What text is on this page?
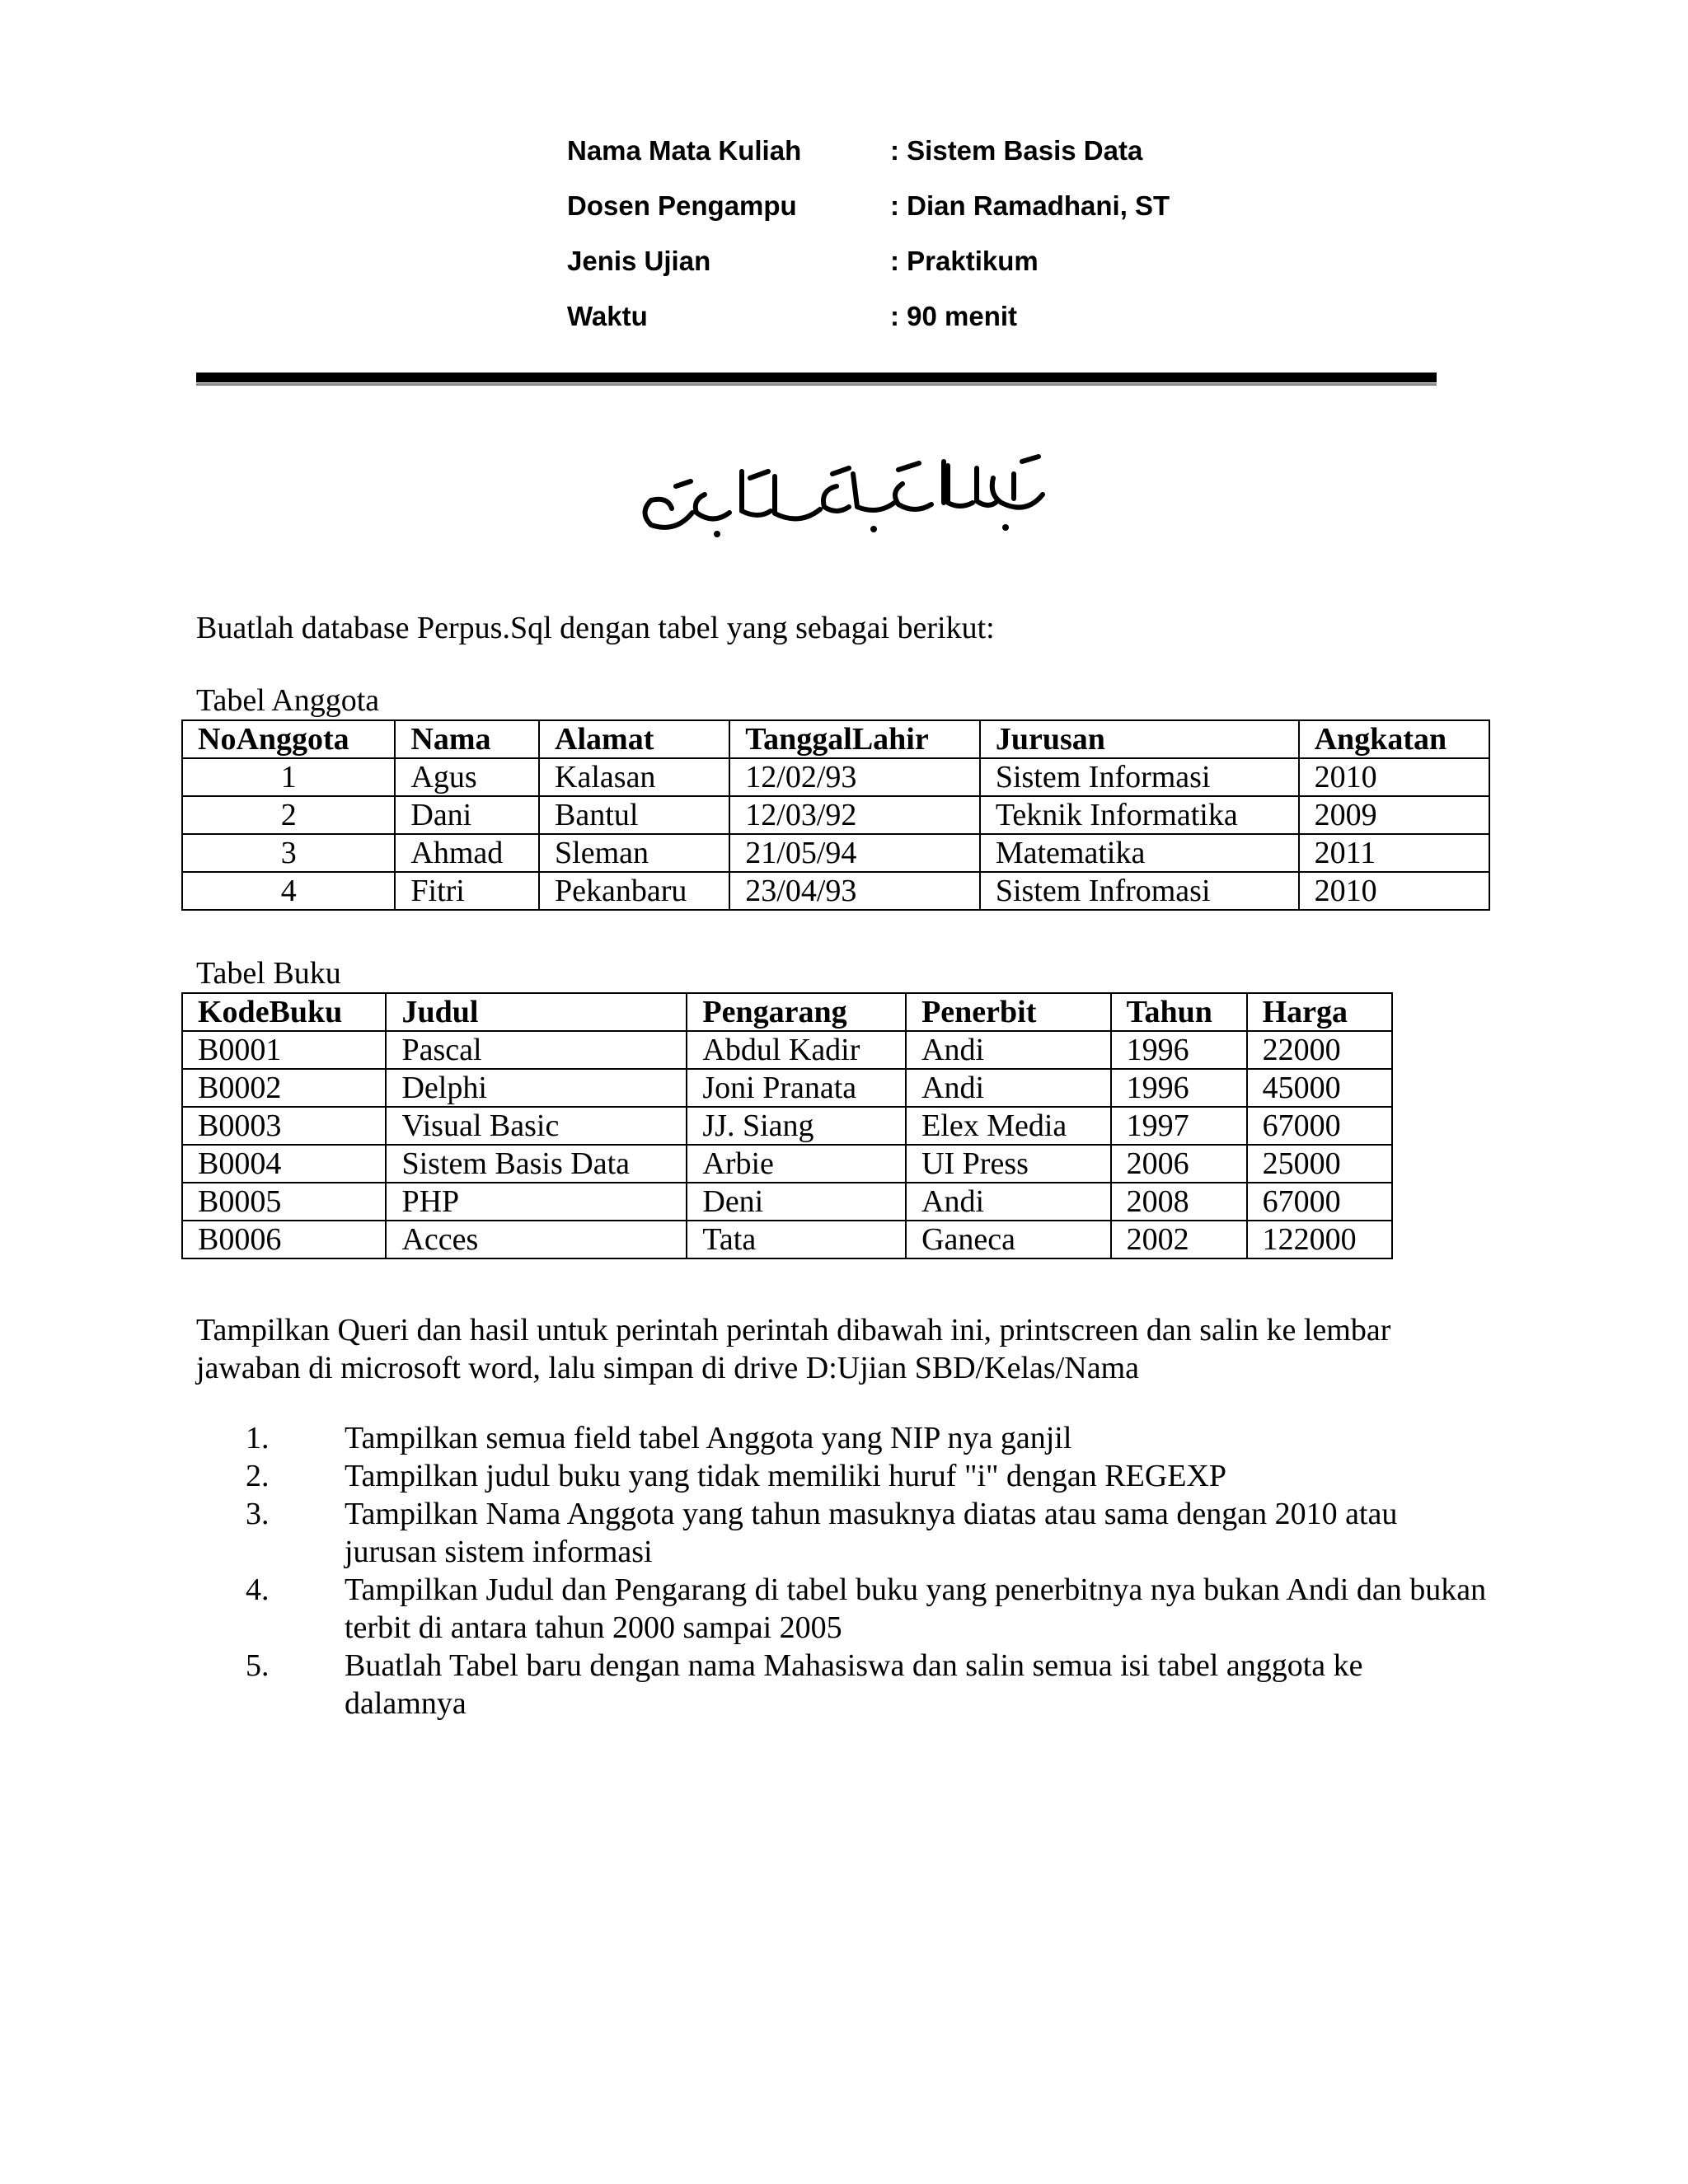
Nama Mata Kuliah	: Sistem Basis Data
Dosen Pengampu	: Dian Ramadhani, ST
Jenis Ujian	: Praktikum
Waktu	: 90 menit
Buatlah database Perpus.Sql dengan tabel yang sebagai berikut:
Tabel Anggota
NoAnggota	Nama	Alamat	TanggalLahir	Jurusan	Angkatan
1	Agus	Kalasan	12/02/93	Sistem Informasi	2010
2	Dani	Bantul	12/03/92	Teknik Informatika	2009
3	Ahmad	Sleman	21/05/94	Matematika	2011
4	Fitri	Pekanbaru	23/04/93	Sistem Infromasi	2010
Tabel Buku
KodeBuku	Judul	Pengarang	Penerbit	Tahun	Harga
B0001	Pascal	Abdul Kadir	Andi	1996	22000
B0002	Delphi	Joni Pranata	Andi	1996	45000
B0003	Visual Basic	JJ. Siang	Elex Media	1997	67000
B0004	Sistem Basis Data	Arbie	UI Press	2006	25000
B0005	PHP	Deni	Andi	2008	67000
B0006	Acces	Tata	Ganeca	2002	122000
Tampilkan Queri dan hasil untuk perintah perintah dibawah ini, printscreen dan salin ke lembar
jawaban di microsoft word, lalu simpan di drive D:Ujian SBD/Kelas/Nama
1. Tampilkan semua field tabel Anggota yang NIP nya ganjil
2. Tampilkan judul buku yang tidak memiliki huruf "i" dengan REGEXP
3. Tampilkan Nama Anggota yang tahun masuknya diatas atau sama dengan 2010 atau jurusan sistem informasi
4. Tampilkan Judul dan Pengarang di tabel buku yang penerbitnya nya bukan Andi dan bukan terbit di antara tahun 2000 sampai 2005
5. Buatlah Tabel baru dengan nama Mahasiswa dan salin semua isi tabel anggota ke dalamnya
